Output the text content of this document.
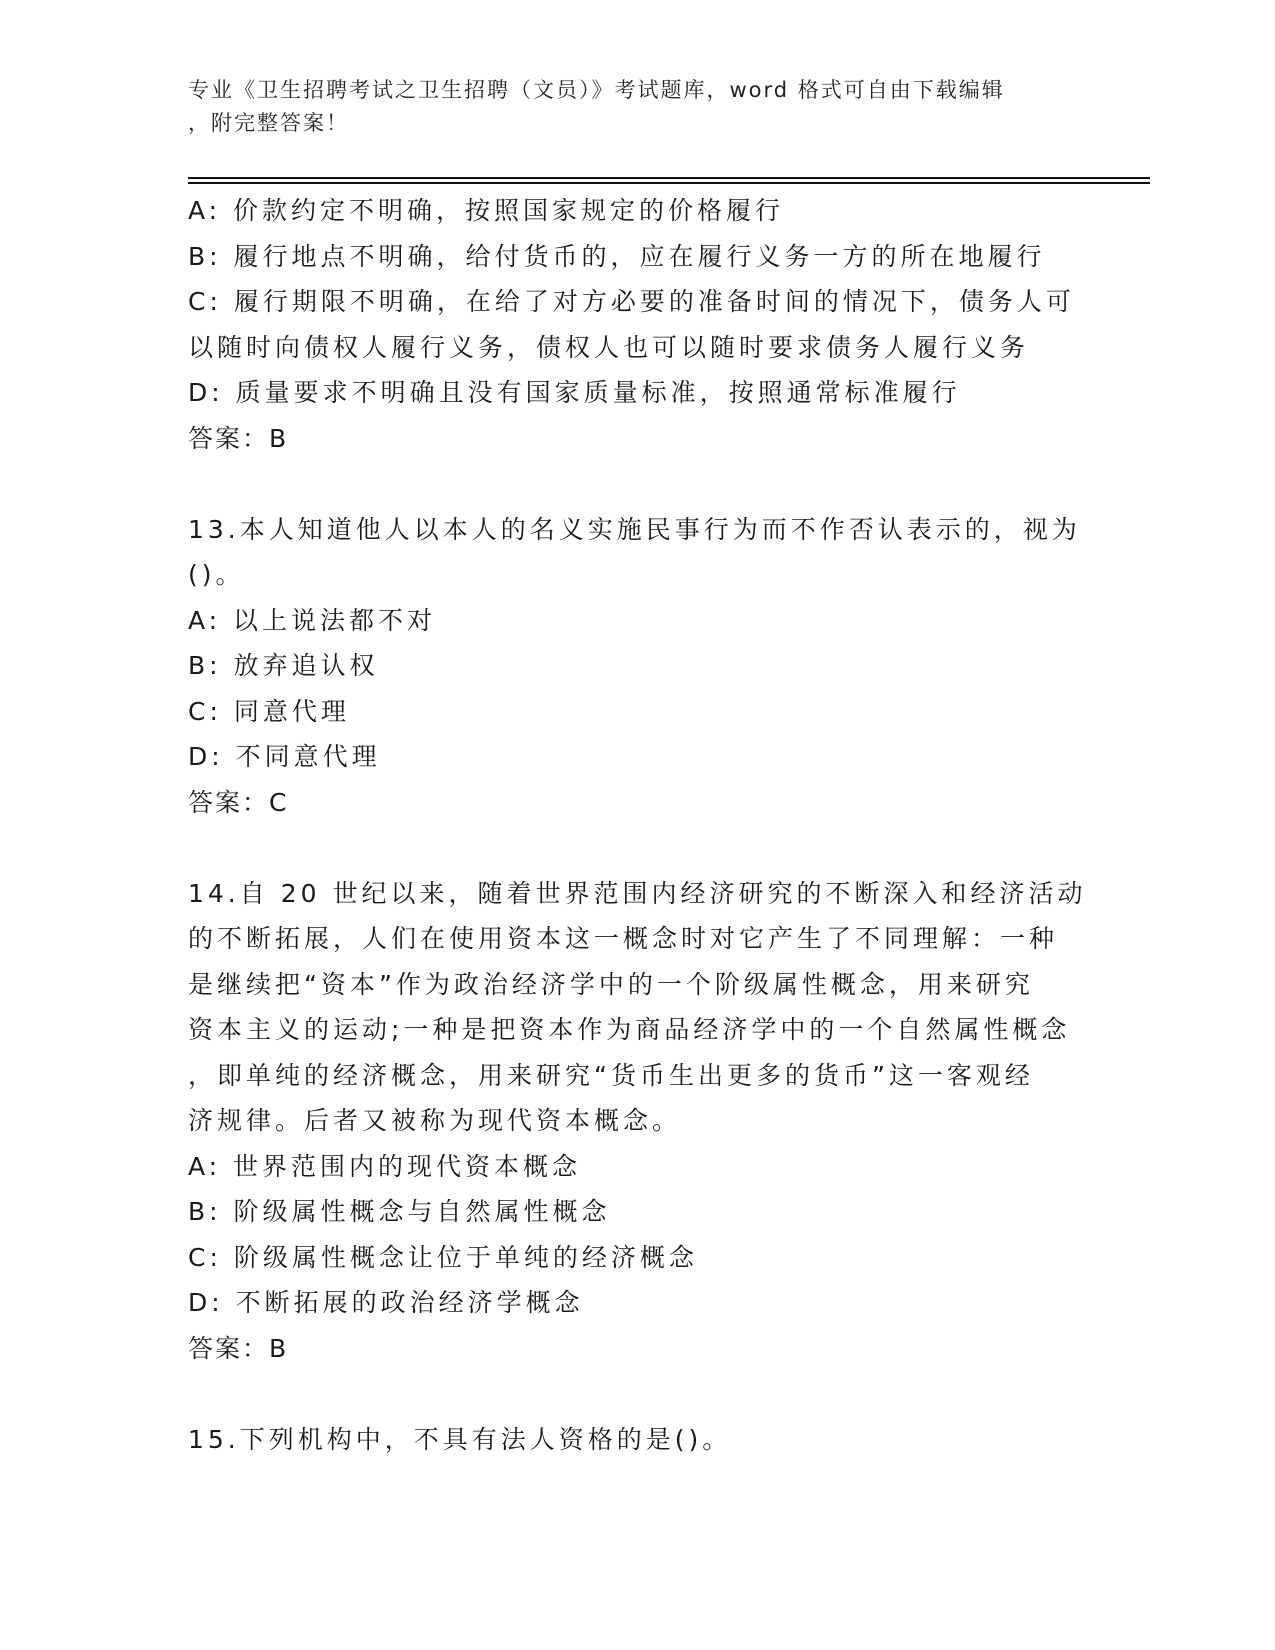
专业《卫生招聘考试之卫生招聘（文员）》考试题库，word 格式可自由下载编辑
，附完整答案！
A: 价款约定不明确，按照国家规定的价格履行
B: 履行地点不明确，给付货币的，应在履行义务一方的所在地履行
C: 履行期限不明确，在给了对方必要的准备时间的情况下，债务人可
以随时向债权人履行义务，债权人也可以随时要求债务人履行义务
D: 质量要求不明确且没有国家质量标准，按照通常标准履行
答案：B
13.本人知道他人以本人的名义实施民事行为而不作否认表示的，视为
()。
A: 以上说法都不对
B: 放弃追认权
C: 同意代理
D: 不同意代理
答案：C
14.自 20 世纪以来，随着世界范围内经济研究的不断深入和经济活动
的不断拓展，人们在使用资本这一概念时对它产生了不同理解：一种
是继续把“资本”作为政治经济学中的一个阶级属性概念，用来研究
资本主义的运动;一种是把资本作为商品经济学中的一个自然属性概念
，即单纯的经济概念，用来研究“货币生出更多的货币”这一客观经
济规律。后者又被称为现代资本概念。
A: 世界范围内的现代资本概念
B: 阶级属性概念与自然属性概念
C: 阶级属性概念让位于单纯的经济概念
D: 不断拓展的政治经济学概念
答案：B
15.下列机构中，不具有法人资格的是()。
